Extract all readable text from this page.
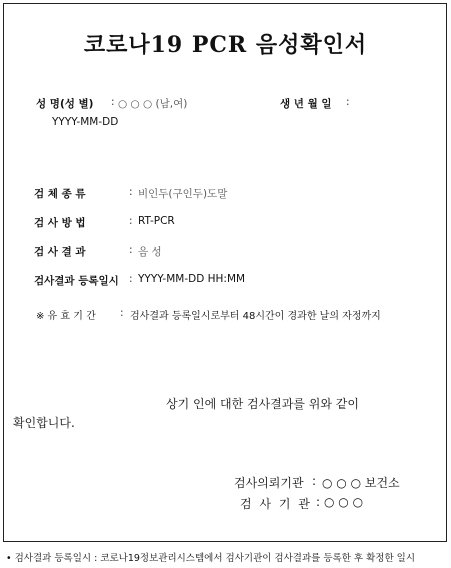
코로나19 PCR 음성확인서
성 명(성 별) : ○ ○ ○ (남,여)	생 년 월 일 :
YYYY-MM-DD
검 체 종 류	: 비인두(구인두)도말
검 사 방 법	: RT-PCR
검 사 결 과	: 음 성
검사결과 등록일시 : YYYY-MM-DD HH:MM
※ 유 효 기 간 : 검사결과 등록일시로부터 48시간이 경과한 날의 자정까지
상기 인에 대한 검사결과를 위와 같이
확인합니다.
검사의뢰기관 : ○ ○ ○ 보건소
검 사 기 관 : ○ ○ ○
• 검사결과 등록일시 : 코로나19정보관리시스템에서 검사기관이 검사결과를 등록한 후 확정한 일시
